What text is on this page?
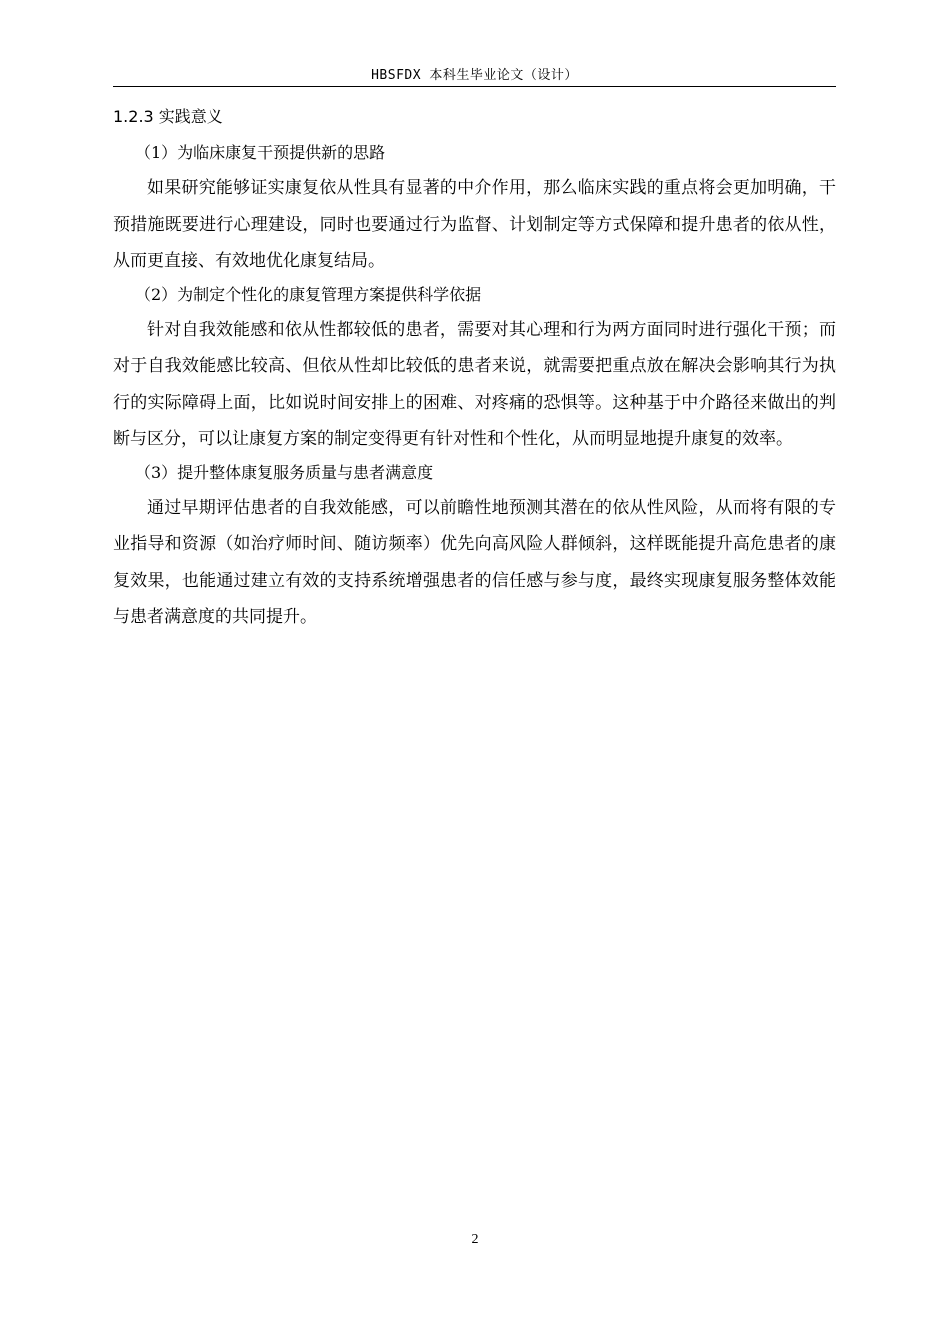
HBSFDX 本科生毕业论文（设计）
1.2.3 实践意义

（1）为临床康复干预提供新的思路

如果研究能够证实康复依从性具有显著的中介作用，那么临床实践的重点将会更加明确，干预措施既要进行心理建设，同时也要通过行为监督、计划制定等方式保障和提升患者的依从性，从而更直接、有效地优化康复结局。

（2）为制定个性化的康复管理方案提供科学依据

针对自我效能感和依从性都较低的患者，需要对其心理和行为两方面同时进行强化干预；而对于自我效能感比较高、但依从性却比较低的患者来说，就需要把重点放在解决会影响其行为执行的实际障碍上面，比如说时间安排上的困难、对疼痛的恐惧等。这种基于中介路径来做出的判断与区分，可以让康复方案的制定变得更有针对性和个性化，从而明显地提升康复的效率。

（3）提升整体康复服务质量与患者满意度

通过早期评估患者的自我效能感，可以前瞻性地预测其潜在的依从性风险，从而将有限的专业指导和资源（如治疗师时间、随访频率）优先向高风险人群倾斜，这样既能提升高危患者的康复效果，也能通过建立有效的支持系统增强患者的信任感与参与度，最终实现康复服务整体效能与患者满意度的共同提升。

2
